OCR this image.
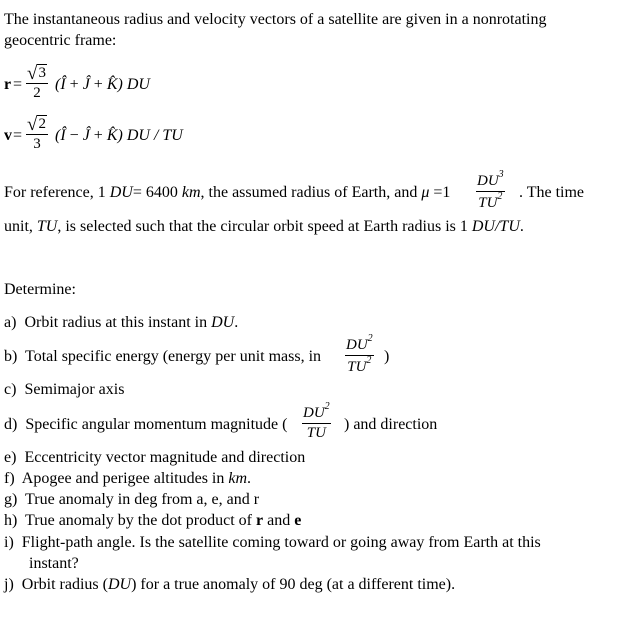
The instantaneous radius and velocity vectors of a satellite are given in a nonrotating
geocentric frame:
r =
√3
2 (Î + Ĵ + K̂) DU
v =
√2
3 (Î − Ĵ + K̂) DU / TU
For reference, 1 DU= 6400 km, the assumed radius of Earth, and μ =1
$DU^3$
$TU^2$ . The time
unit, TU, is selected such that the circular orbit speed at Earth radius is 1 DU/TU.
Determine:
a) Orbit radius at this instant in DU.
b) Total specific energy (energy per unit mass, in
$DU^2$
$TU^2$ )
c) Semimajor axis
d) Specific angular momentum magnitude (
$DU^2$
TU ) and direction
e) Eccentricity vector magnitude and direction
f) Apogee and perigee altitudes in km.
g) True anomaly in deg from a, e, and r
h) True anomaly by the dot product of r and e
i) Flight-path angle. Is the satellite coming toward or going away from Earth at this
instant?
j) Orbit radius (DU) for a true anomaly of 90 deg (at a different time).
